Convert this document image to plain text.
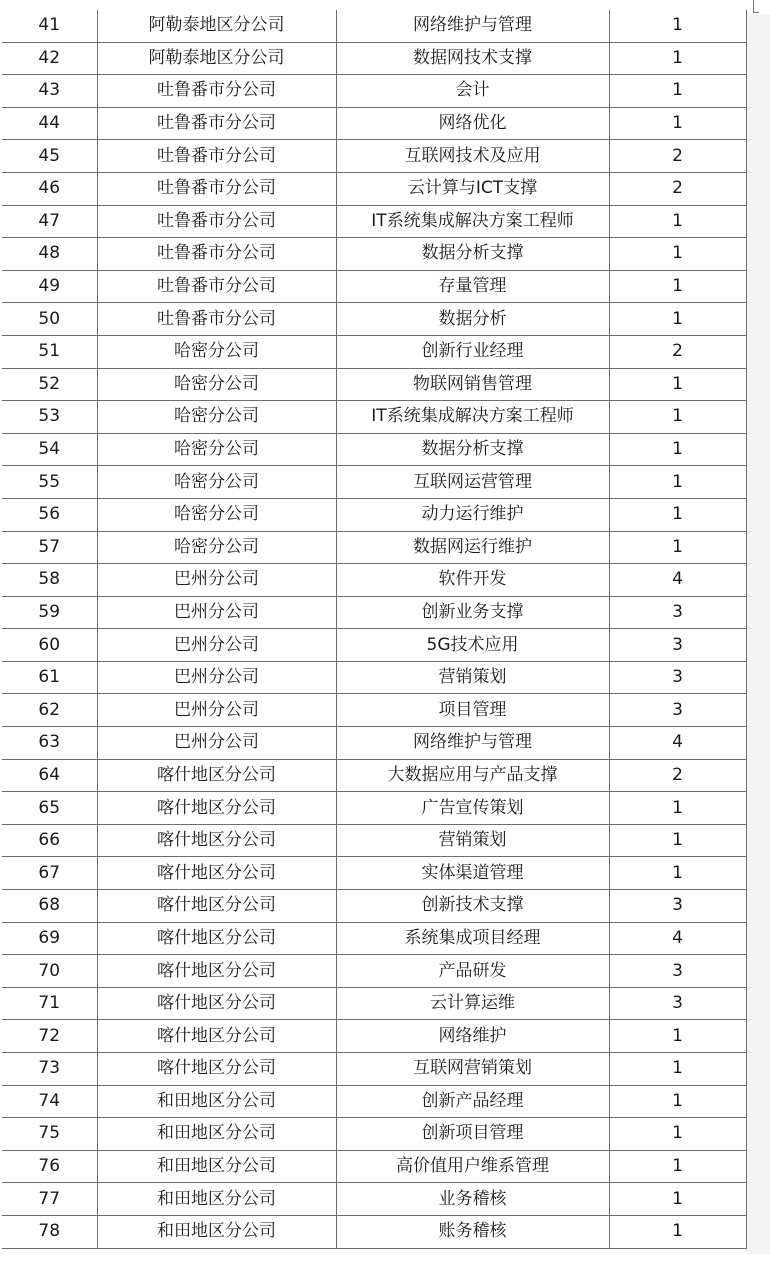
41	阿勒泰地区分公司	网络维护与管理	1
42	阿勒泰地区分公司	数据网技术支撑	1
43	吐鲁番市分公司	会计	1
44	吐鲁番市分公司	网络优化	1
45	吐鲁番市分公司	互联网技术及应用	2
46	吐鲁番市分公司	云计算与ICT支撑	2
47	吐鲁番市分公司	IT系统集成解决方案工程师	1
48	吐鲁番市分公司	数据分析支撑	1
49	吐鲁番市分公司	存量管理	1
50	吐鲁番市分公司	数据分析	1
51	哈密分公司	创新行业经理	2
52	哈密分公司	物联网销售管理	1
53	哈密分公司	IT系统集成解决方案工程师	1
54	哈密分公司	数据分析支撑	1
55	哈密分公司	互联网运营管理	1
56	哈密分公司	动力运行维护	1
57	哈密分公司	数据网运行维护	1
58	巴州分公司	软件开发	4
59	巴州分公司	创新业务支撑	3
60	巴州分公司	5G技术应用	3
61	巴州分公司	营销策划	3
62	巴州分公司	项目管理	3
63	巴州分公司	网络维护与管理	4
64	喀什地区分公司	大数据应用与产品支撑	2
65	喀什地区分公司	广告宣传策划	1
66	喀什地区分公司	营销策划	1
67	喀什地区分公司	实体渠道管理	1
68	喀什地区分公司	创新技术支撑	3
69	喀什地区分公司	系统集成项目经理	4
70	喀什地区分公司	产品研发	3
71	喀什地区分公司	云计算运维	3
72	喀什地区分公司	网络维护	1
73	喀什地区分公司	互联网营销策划	1
74	和田地区分公司	创新产品经理	1
75	和田地区分公司	创新项目管理	1
76	和田地区分公司	高价值用户维系管理	1
77	和田地区分公司	业务稽核	1
78	和田地区分公司	账务稽核	1
